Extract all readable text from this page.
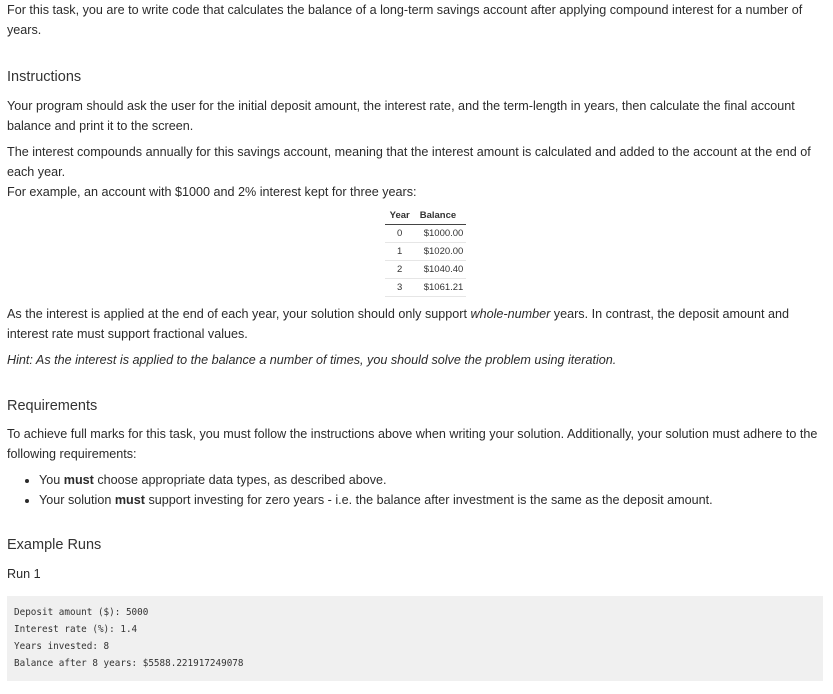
For this task, you are to write code that calculates the balance of a long-term savings account after applying compound interest for a number of years.

Instructions

Your program should ask the user for the initial deposit amount, the interest rate, and the term-length in years, then calculate the final account balance and print it to the screen.

The interest compounds annually for this savings account, meaning that the interest amount is calculated and added to the account at the end of each year.

For example, an account with $1000 and 2% interest kept for three years:

Year	Balance
0	$1000.00
1	$1020.00
2	$1040.40
3	$1061.21

As the interest is applied at the end of each year, your solution should only support whole-number years. In contrast, the deposit amount and interest rate must support fractional values.

Hint: As the interest is applied to the balance a number of times, you should solve the problem using iteration.

Requirements

To achieve full marks for this task, you must follow the instructions above when writing your solution. Additionally, your solution must adhere to the following requirements:

• You must choose appropriate data types, as described above.
• Your solution must support investing for zero years - i.e. the balance after investment is the same as the deposit amount.
Example Runs

Run 1

Deposit amount ($): 5000
Interest rate (%): 1.4
Years invested: 8
Balance after 8 years: $5588.221917249078
